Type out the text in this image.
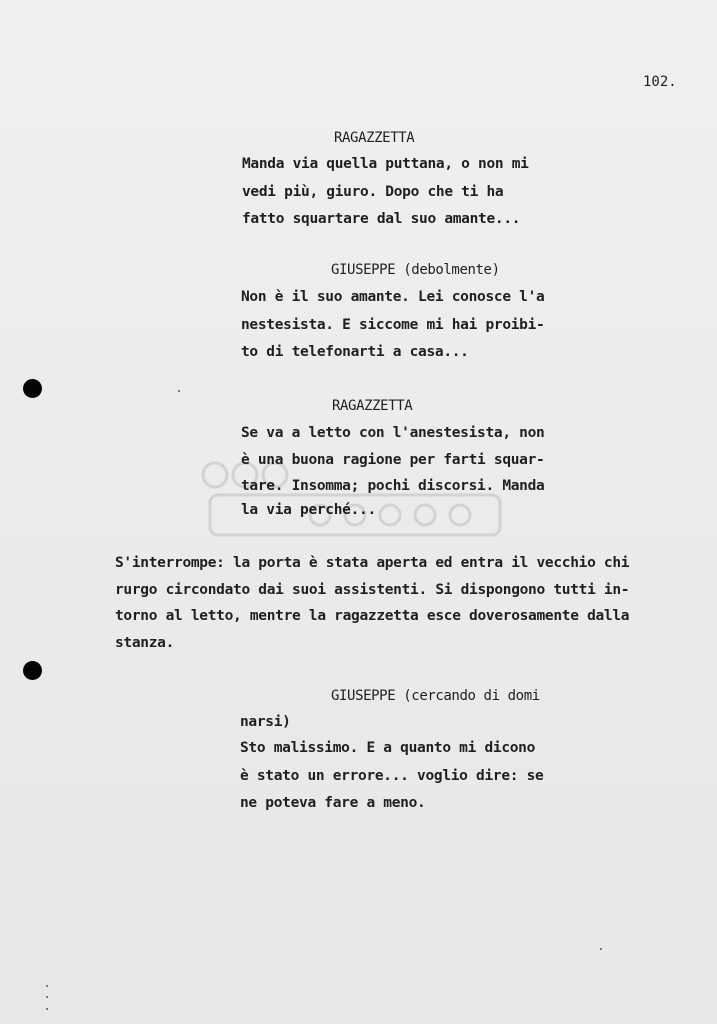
102.
RAGAZZETTA
Manda via quella puttana, o non mi
vedi più, giuro. Dopo che ti ha
fatto squartare dal suo amante...
GIUSEPPE (debolmente)
Non è il suo amante. Lei conosce l'a
nestesista. E siccome mi hai proibi-
to di telefonarti a casa...
RAGAZZETTA
Se va a letto con l'anestesista, non
è una buona ragione per farti squar-
tare. Insomma; pochi discorsi. Manda
la via perché...
S'interrompe: la porta è stata aperta ed entra il vecchio chi
rurgo circondato dai suoi assistenti. Si dispongono tutti in-
torno al letto, mentre la ragazzetta esce doverosamente dalla
stanza.
GIUSEPPE (cercando di domi
narsi)
Sto malissimo. E a quanto mi dicono
è stato un errore... voglio dire: se
ne poteva fare a meno.
